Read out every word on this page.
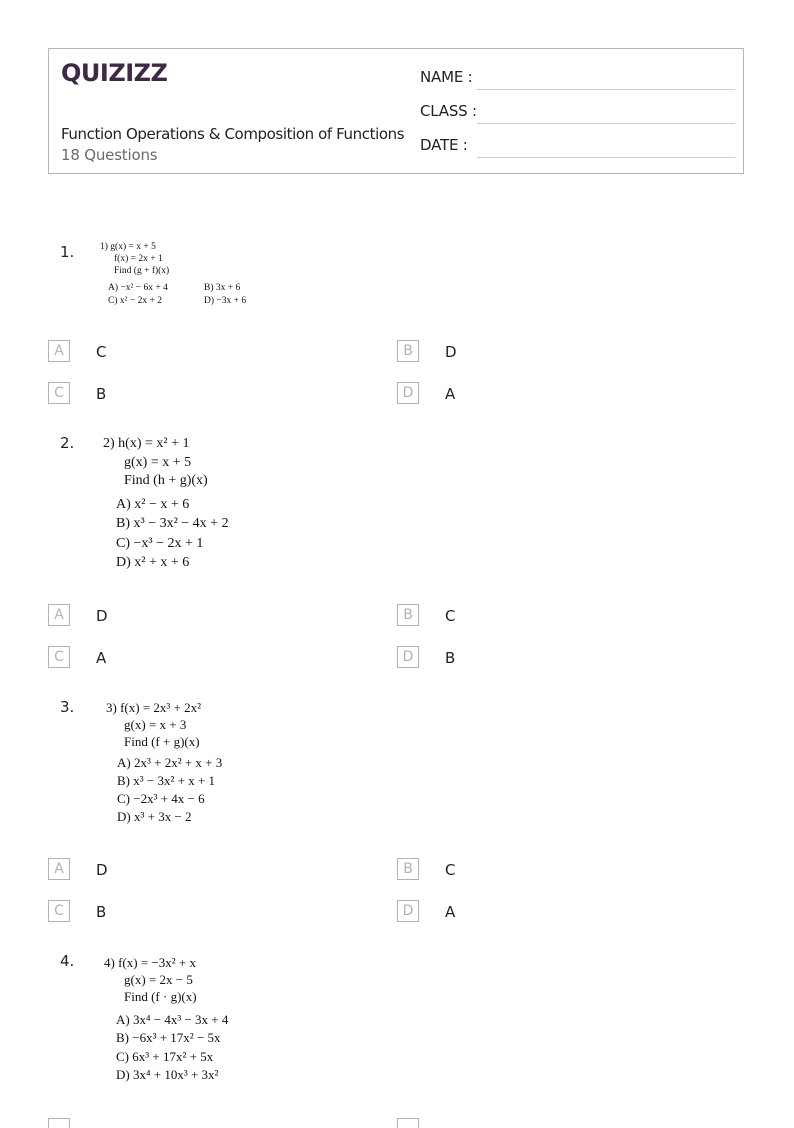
QUIZIZZ
Function Operations & Composition of Functions
18 Questions
NAME :
CLASS :
DATE :
1.	1) g(x) = x + 5
f(x) = 2x + 1
Find (g + f)(x)
A) −x² − 6x + 4	B) 3x + 6
C) x² − 2x + 2	D) −3x + 6
A	C	B	D
C	B	D	A
2. 2) h(x) = x² + 1
g(x) = x + 5
Find (h + g)(x)
A) x² − x + 6
B) x³ − 3x² − 4x + 2
C) −x³ − 2x + 1
D) x² + x + 6
A	D	B	C
C	A	D	B
3. 3) f(x) = 2x³ + 2x²
g(x) = x + 3
Find (f + g)(x)
A) 2x³ + 2x² + x + 3
B) x³ − 3x² + x + 1
C) −2x³ + 4x − 6
D) x³ + 3x − 2
A	D	B	C
C	B	D	A
4. 4) f(x) = −3x² + x
g(x) = 2x − 5
Find (f · g)(x)
A) 3x⁴ − 4x³ − 3x + 4
B) −6x³ + 17x² − 5x
C) 6x³ + 17x² + 5x
D) 3x⁴ + 10x³ + 3x²
